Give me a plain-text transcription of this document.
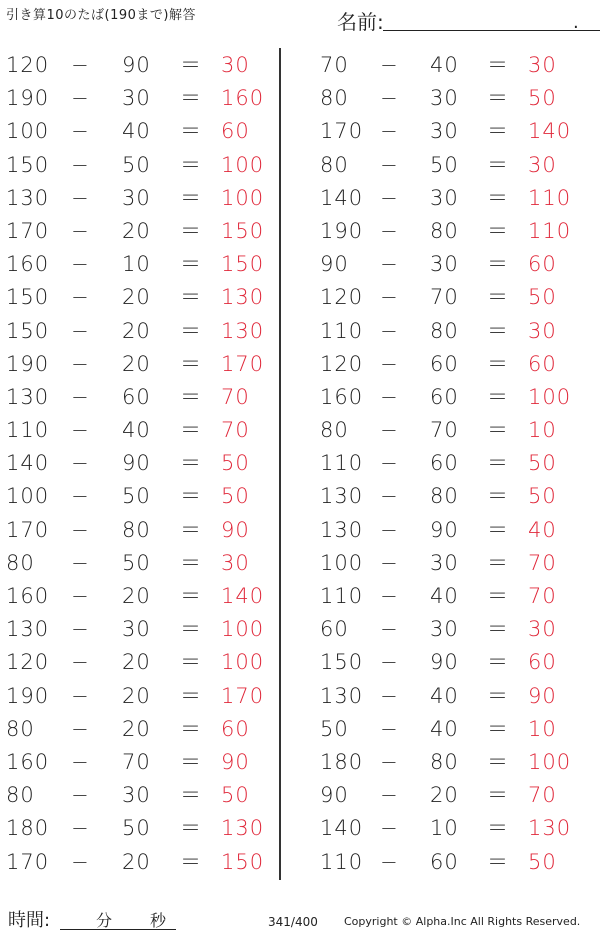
引き算10のたば(190まで)解答	名前:	.
120	− 90	＝ 30
190	− 30	＝ 160
100	− 40	＝ 60
150	− 50	＝ 100
130	− 30	＝ 100
170	− 20	＝ 150
160	− 10	＝ 150
150	− 20	＝ 130
150	− 20	＝ 130
190	− 20	＝ 170
130	− 60	＝ 70
110	− 40	＝ 70
140	− 90	＝ 50
100	− 50	＝ 50
170	− 80	＝ 90
80	− 50	＝ 30
160	− 20	＝ 140
130	− 30	＝ 100
120	− 20	＝ 100
190	− 20	＝ 170
80	− 20	＝ 60
160	− 70	＝ 90
80	− 30	＝ 50
180	− 50	＝ 130
170	− 20	＝ 150
70	− 40	＝ 30
80	− 30	＝ 50
170 − 30	＝ 140
80	− 50	＝ 30
140 − 30	＝ 110
190 − 80	＝ 110
90	− 30	＝ 60
120 − 70	＝ 50
110 − 80	＝ 30
120 − 60	＝ 60
160 − 60	＝ 100
80	− 70	＝ 10
110 − 60	＝ 50
130 − 80	＝ 50
130 − 90	＝ 40
100 − 30	＝ 70
110 − 40	＝ 70
60	− 30	＝ 30
150 − 90	＝ 60
130 − 40	＝ 90
50	− 40	＝ 10
180 − 80	＝ 100
90	− 20	＝ 70
140 − 10	＝ 130
110 − 60	＝ 50
時間:	分 秒	341/400 Copyright © Alpha.Inc All Rights Reserved.
